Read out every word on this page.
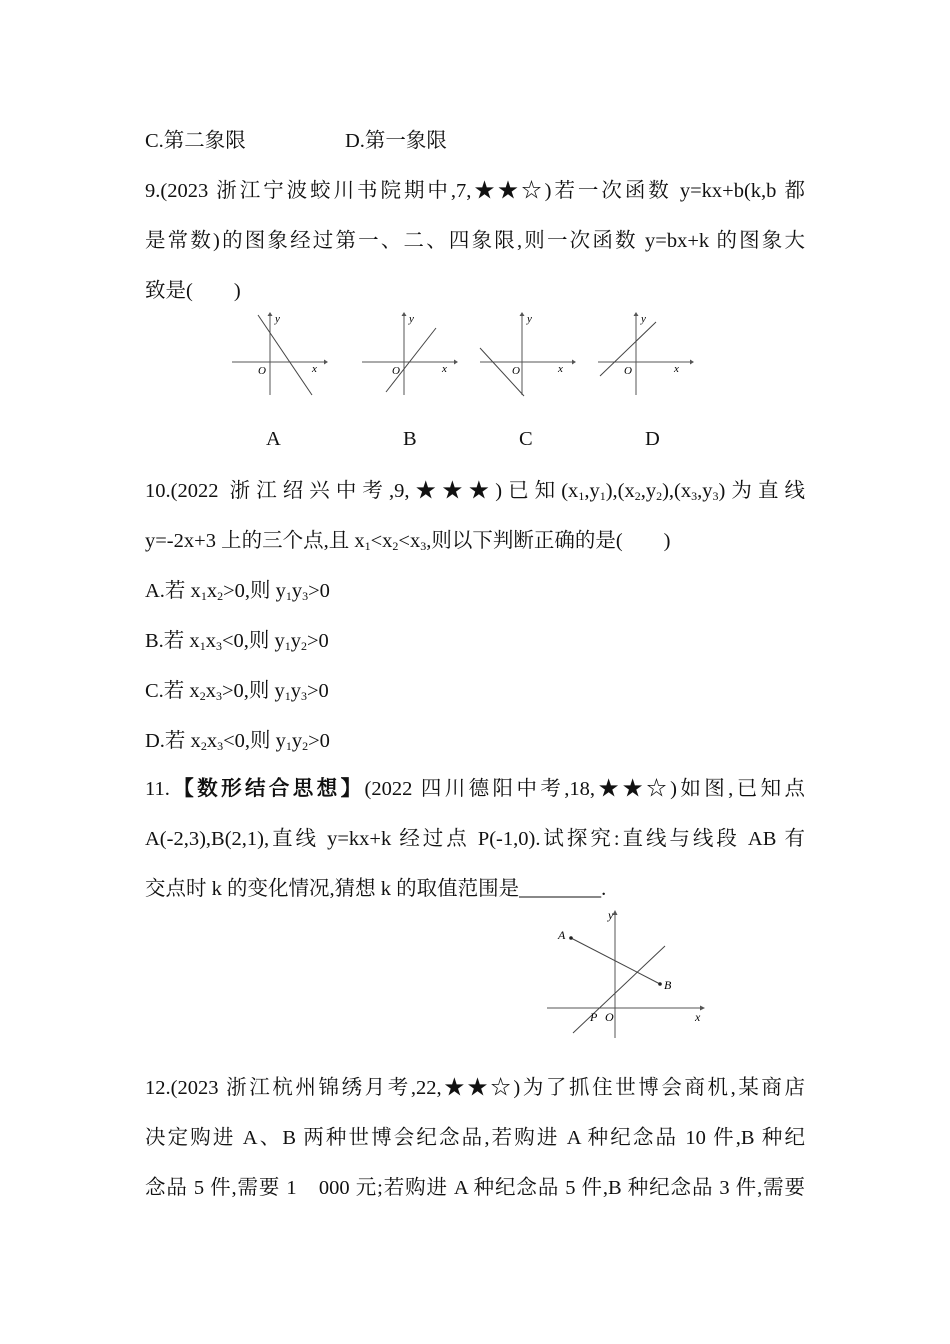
C.第二象限	D.第一象限
9.(2023 浙江宁波蛟川书院期中,7,★★☆)若一次函数 y=kx+b(k,b 都
是常数)的图象经过第一、二、四象限,则一次函数 y=bx+k 的图象大
致是(　　)
y
x
O
A
y
x
O
B
y
x
O
C
y
x
O
D
10.(2022 浙江绍兴中考,9,★★★)已知$(x_1,y_1),(x_2,y_2),(x_3,y_3)$为直线
y=-2x+3 上的三个点,且 $x_1<x_2<x_3$,则以下判断正确的是(　　)
A.若 $x_1x_2>0$,则 $y_1y_3>0$
B.若 $x_1x_3<0$,则 $y_1y_2>0$
C.若 $x_2x_3>0$,则 $y_1y_3>0$
D.若 $x_2x_3<0$,则 $y_1y_2>0$
11.【数形结合思想】(2022 四川德阳中考,18,★★☆)如图,已知点
A(-2,3),B(2,1),直线 y=kx+k 经过点 P(-1,0).试探究:直线与线段 AB 有
交点时 k 的变化情况,猜想 k 的取值范围是________.
y
x
A
B
P O
12.(2023 浙江杭州锦绣月考,22,★★☆)为了抓住世博会商机,某商店
决定购进 A、B 两种世博会纪念品,若购进 A 种纪念品 10 件,B 种纪
念品 5 件,需要 1　000 元;若购进 A 种纪念品 5 件,B 种纪念品 3 件,需要
